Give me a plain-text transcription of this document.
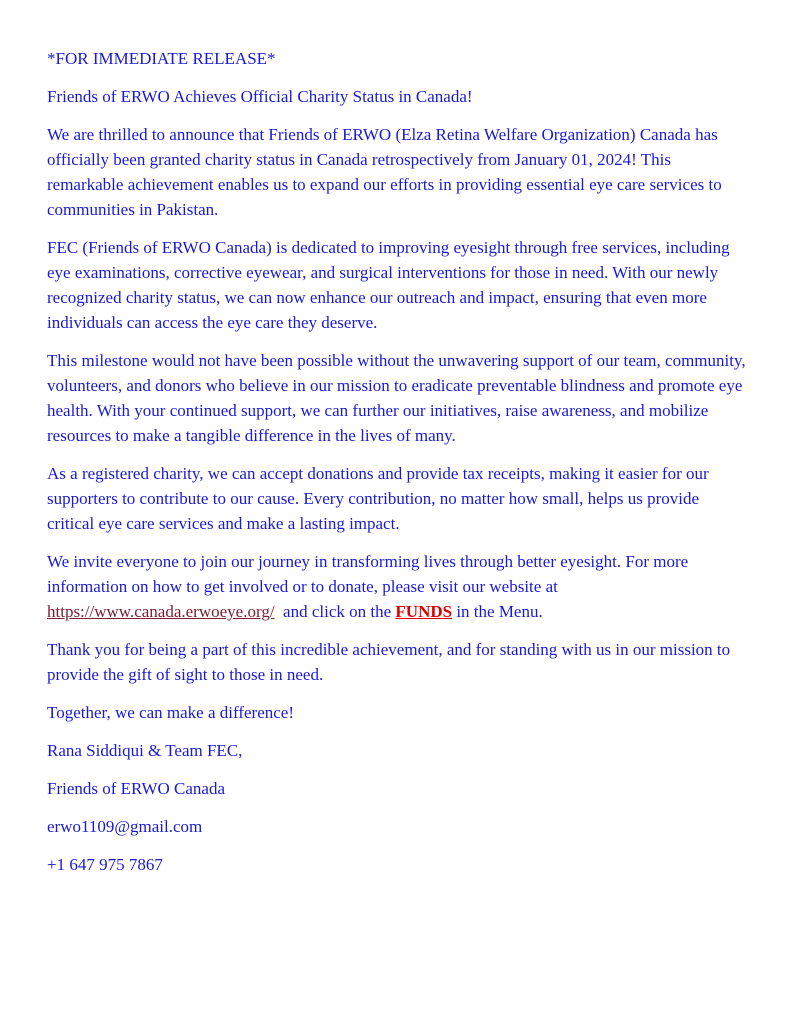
*FOR IMMEDIATE RELEASE*

Friends of ERWO Achieves Official Charity Status in Canada!

We are thrilled to announce that Friends of ERWO (Elza Retina Welfare Organization) Canada has officially been granted charity status in Canada retrospectively from January 01, 2024! This remarkable achievement enables us to expand our efforts in providing essential eye care services to communities in Pakistan.

FEC (Friends of ERWO Canada) is dedicated to improving eyesight through free services, including eye examinations, corrective eyewear, and surgical interventions for those in need. With our newly recognized charity status, we can now enhance our outreach and impact, ensuring that even more individuals can access the eye care they deserve.

This milestone would not have been possible without the unwavering support of our team, community, volunteers, and donors who believe in our mission to eradicate preventable blindness and promote eye health. With your continued support, we can further our initiatives, raise awareness, and mobilize resources to make a tangible difference in the lives of many.

As a registered charity, we can accept donations and provide tax receipts, making it easier for our supporters to contribute to our cause. Every contribution, no matter how small, helps us provide critical eye care services and make a lasting impact.

We invite everyone to join our journey in transforming lives through better eyesight. For more information on how to get involved or to donate, please visit our website at https://www.canada.erwoeye.org/  and click on the FUNDS in the Menu.

Thank you for being a part of this incredible achievement, and for standing with us in our mission to provide the gift of sight to those in need.

Together, we can make a difference!

Rana Siddiqui & Team FEC,

Friends of ERWO Canada

erwo1109@gmail.com

+1 647 975 7867
